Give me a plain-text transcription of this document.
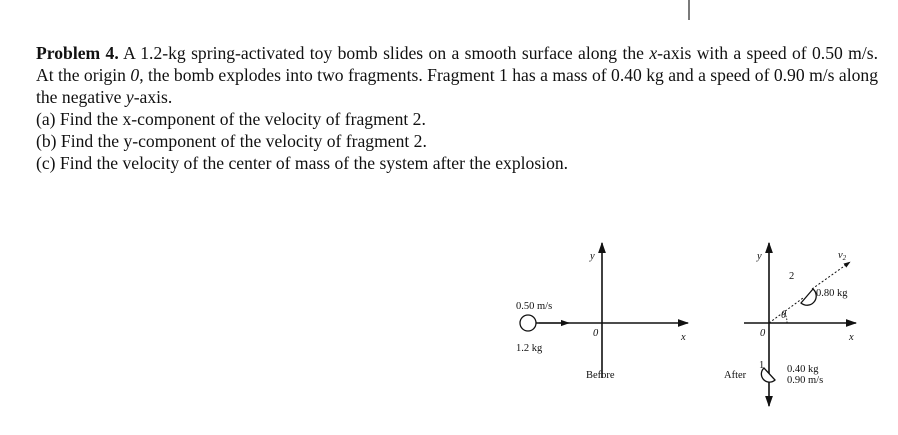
Problem 4. A 1.2-kg spring-activated toy bomb slides on a smooth surface along the x-axis with a speed of 0.50 m/s. At the origin 0, the bomb explodes into two fragments. Fragment 1 has a mass of 0.40 kg and a speed of 0.90 m/s along the negative y-axis.

(a) Find the x-component of the velocity of fragment 2.

(b) Find the y-component of the velocity of fragment 2.

(c) Find the velocity of the center of mass of the system after the explosion.

y
x
0
0.50 m/s
1.2 kg
Before
y
x
0
θ
2
0.80 kg
v2
1 0.40 kg
0.90 m/s
After
